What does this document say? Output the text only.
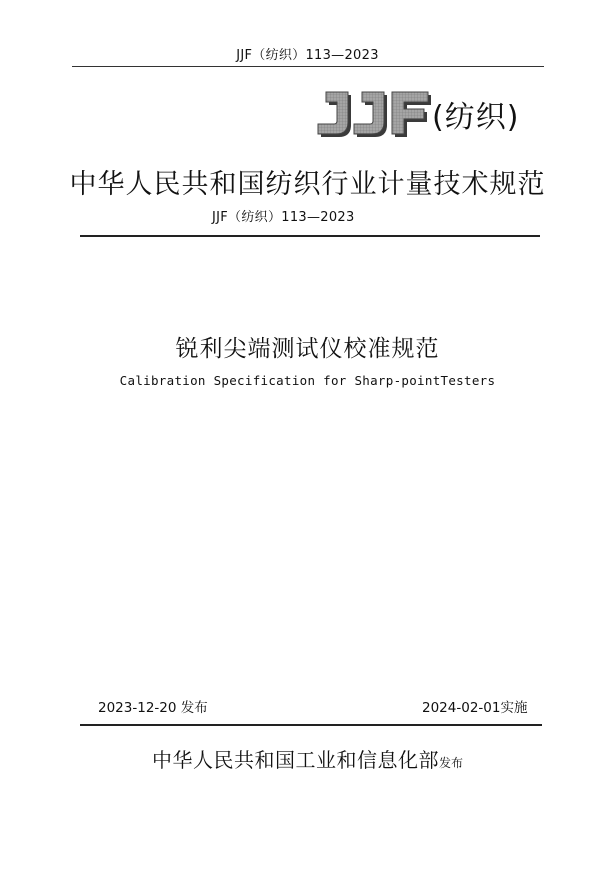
JJF（纺织）113—2023
(纺织)
中华人民共和国纺织行业计量技术规范
JJF（纺织）113—2023
锐利尖端测试仪校准规范
Calibration Specification for Sharp-pointTesters
2023-12-20 发布	2024-02-01实施
中华人民共和国工业和信息化部发布
